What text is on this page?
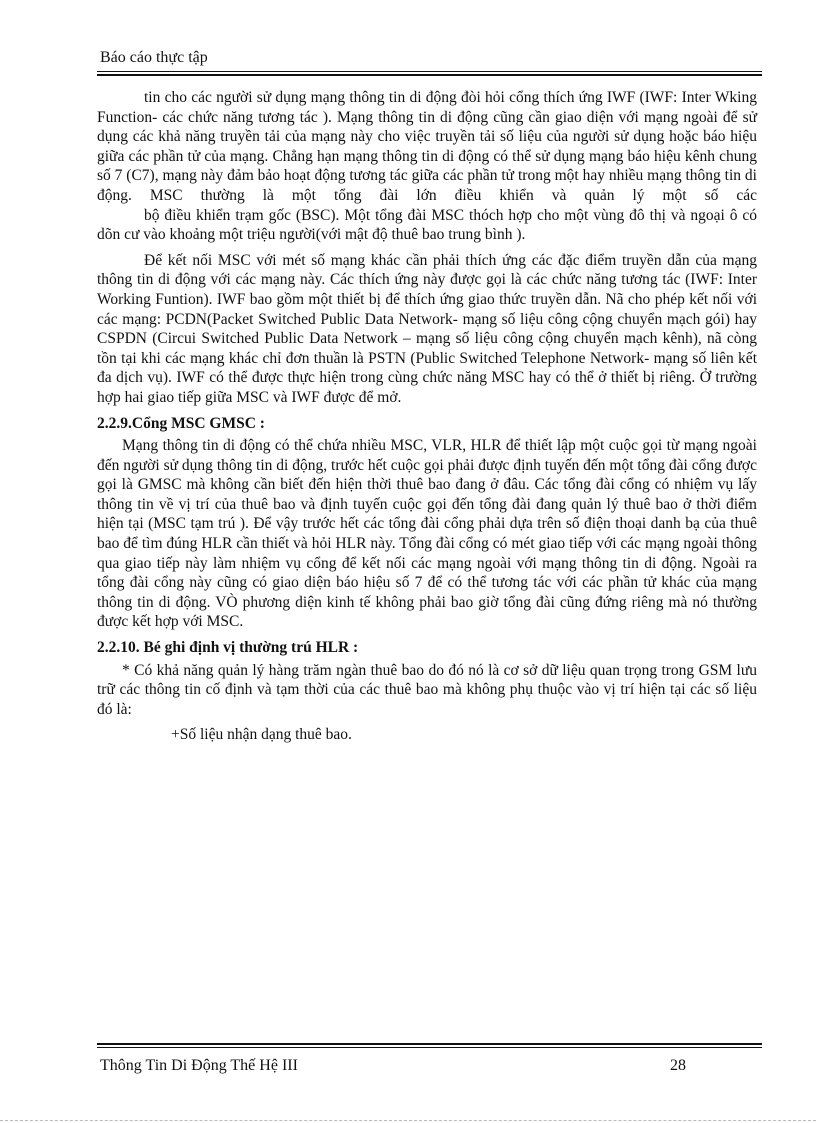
Báo cáo thực tập

tin cho các người sử dụng mạng thông tin di động đòi hỏi cổng thích ứng IWF (IWF: Inter Wking Function- các chức năng tương tác ). Mạng thông tin di động cũng cần giao diện với mạng ngoài để sử dụng các khả năng truyền tải của mạng này cho việc truyền tải số liệu của người sử dụng hoặc báo hiệu giữa các phần tử của mạng. Chẳng hạn mạng thông tin di động có thể sử dụng mạng báo hiệu kênh chung số 7 (C7), mạng này đảm bảo hoạt động tương tác giữa các phần tử trong một hay nhiều mạng thông tin di động. MSC thường là một tổng đài lớn điều khiển và quản lý một số các

bộ điều khiển trạm gốc (BSC). Một tổng đài MSC thóch hợp cho một vùng đô thị và ngoại ô có dõn cư vào khoảng một triệu người(với mật độ thuê bao trung bình ).

Để kết nối MSC với mét số mạng khác cần phải thích ứng các đặc điểm truyền dẫn của mạng thông tin di động với các mạng này. Các thích ứng này được gọi là các chức năng tương tác (IWF: Inter Working Funtion). IWF bao gồm một thiết bị để thích ứng giao thức truyền dẫn. Nã cho phép kết nối với các mạng: PCDN(Packet Switched Public Data Network- mạng số liệu công cộng chuyển mạch gói) hay CSPDN (Circui Switched Public Data Network – mạng số liệu công cộng chuyển mạch kênh), nã còng tồn tại khi các mạng khác chỉ đơn thuần là PSTN (Public Switched Telephone Network- mạng số liên kết đa dịch vụ). IWF có thể được thực hiện trong cùng chức năng MSC hay có thể ở thiết bị riêng. Ở trường hợp hai giao tiếp giữa MSC và IWF được để mở.

2.2.9.Cổng MSC GMSC :

Mạng thông tin di động có thể chứa nhiều MSC, VLR, HLR để thiết lập một cuộc gọi từ mạng ngoài đến người sử dụng thông tin di động, trước hết cuộc gọi phải được định tuyến đến một tổng đài cổng được gọi là GMSC mà không cần biết đến hiện thời thuê bao đang ở đâu. Các tổng đài cổng có nhiệm vụ lấy thông tin về vị trí của thuê bao và định tuyến cuộc gọi đến tổng đài đang quản lý thuê bao ở thời điểm hiện tại (MSC tạm trú ). Để vậy trước hết các tổng đài cổng phải dựa trên số điện thoại danh bạ của thuê bao để tìm đúng HLR cần thiết và hỏi HLR này. Tổng đài cổng có mét giao tiếp với các mạng ngoài thông qua giao tiếp này làm nhiệm vụ cổng để kết nối các mạng ngoài với mạng thông tin di động. Ngoài ra tổng đài cổng này cũng có giao diện báo hiệu số 7 để có thể tương tác với các phần tử khác của mạng thông tin di động. VÒ phương diện kinh tế không phải bao giờ tổng đài cũng đứng riêng mà nó thường được kết hợp với MSC.

2.2.10. Bé ghi định vị thường trú HLR :

* Có khả năng quản lý hàng trăm ngàn thuê bao do đó nó là cơ sở dữ liệu quan trọng trong GSM lưu trữ các thông tin cố định và tạm thời của các thuê bao mà không phụ thuộc vào vị trí hiện tại các số liệu đó là:

+Số liệu nhận dạng thuê bao.

Thông Tin Di Động Thế Hệ III	28
